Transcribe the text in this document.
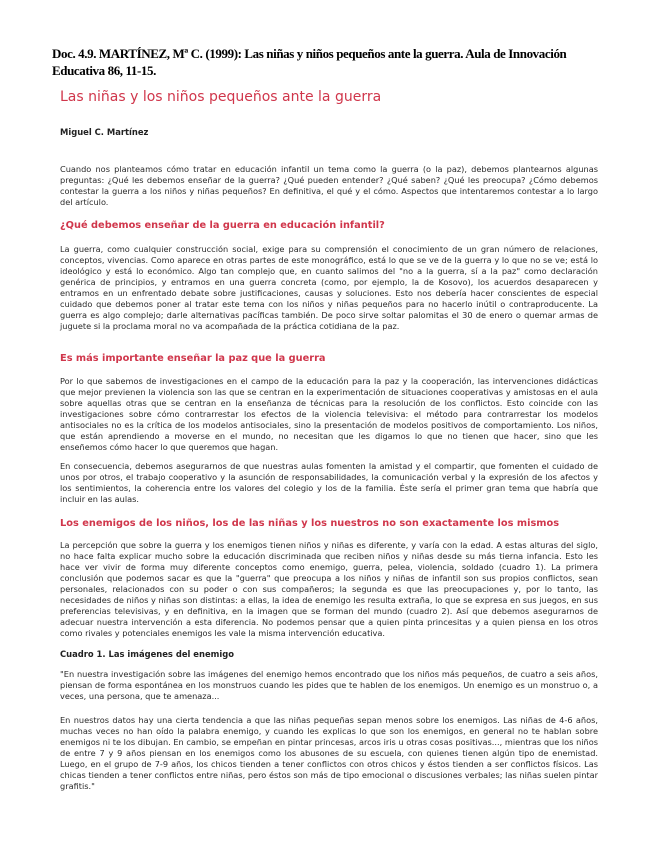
Doc. 4.9. MARTÍNEZ, Mª C. (1999): Las niñas y niños pequeños ante la guerra. Aula de Innovación Educativa 86, 11-15.

Las niñas y los niños pequeños ante la guerra

Miguel C. Martínez

Cuando nos planteamos cómo tratar en educación infantil un tema como la guerra (o la paz), debemos plantearnos algunas preguntas: ¿Qué les debemos enseñar de la guerra? ¿Qué pueden entender? ¿Qué saben? ¿Qué les preocupa? ¿Cómo debemos contestar la guerra a los niños y niñas pequeños? En definitiva, el qué y el cómo. Aspectos que intentaremos contestar a lo largo del artículo.

¿Qué debemos enseñar de la guerra en educación infantil?

La guerra, como cualquier construcción social, exige para su comprensión el conocimiento de un gran número de relaciones, conceptos, vivencias. Como aparece en otras partes de este monográfico, está lo que se ve de la guerra y lo que no se ve; está lo ideológico y está lo económico. Algo tan complejo que, en cuanto salimos del "no a la guerra, sí a la paz" como declaración genérica de principios, y entramos en una guerra concreta (como, por ejemplo, la de Kosovo), los acuerdos desaparecen y entramos en un enfrentado debate sobre justificaciones, causas y soluciones. Esto nos debería hacer conscientes de especial cuidado que debemos poner al tratar este tema con los niños y niñas pequeños para no hacerlo inútil o contraproducente. La guerra es algo complejo; darle alternativas pacíficas también. De poco sirve soltar palomitas el 30 de enero o quemar armas de juguete si la proclama moral no va acompañada de la práctica cotidiana de la paz.

Es más importante enseñar la paz que la guerra

Por lo que sabemos de investigaciones en el campo de la educación para la paz y la cooperación, las intervenciones didácticas que mejor previenen la violencia son las que se centran en la experimentación de situaciones cooperativas y amistosas en el aula sobre aquellas otras que se centran en la enseñanza de técnicas para la resolución de los conflictos. Esto coincide con las investigaciones sobre cómo contrarrestar los efectos de la violencia televisiva: el método para contrarrestar los modelos antisociales no es la crítica de los modelos antisociales, sino la presentación de modelos positivos de comportamiento. Los niños, que están aprendiendo a moverse en el mundo, no necesitan que les digamos lo que no tienen que hacer, sino que les enseñemos cómo hacer lo que queremos que hagan.

En consecuencia, debemos asegurarnos de que nuestras aulas fomenten la amistad y el compartir, que fomenten el cuidado de unos por otros, el trabajo cooperativo y la asunción de responsabilidades, la comunicación verbal y la expresión de los afectos y los sentimientos, la coherencia entre los valores del colegio y los de la familia. Éste sería el primer gran tema que habría que incluir en las aulas.

Los enemigos de los niños, los de las niñas y los nuestros no son exactamente los mismos

La percepción que sobre la guerra y los enemigos tienen niños y niñas es diferente, y varía con la edad. A estas alturas del siglo, no hace falta explicar mucho sobre la educación discriminada que reciben niños y niñas desde su más tierna infancia. Esto les hace ver vivir de forma muy diferente conceptos como enemigo, guerra, pelea, violencia, soldado (cuadro 1). La primera conclusión que podemos sacar es que la "guerra" que preocupa a los niños y niñas de infantil son sus propios conflictos, sean personales, relacionados con su poder o con sus compañeros; la segunda es que las preocupaciones y, por lo tanto, las necesidades de niños y niñas son distintas: a ellas, la idea de enemigo les resulta extraña, lo que se expresa en sus juegos, en sus preferencias televisivas, y en definitiva, en la imagen que se forman del mundo (cuadro 2). Así que debemos asegurarnos de adecuar nuestra intervención a esta diferencia. No podemos pensar que a quien pinta princesitas y a quien piensa en los otros como rivales y potenciales enemigos les vale la misma intervención educativa.

Cuadro 1. Las imágenes del enemigo

"En nuestra investigación sobre las imágenes del enemigo hemos encontrado que los niños más pequeños, de cuatro a seis años, piensan de forma espontánea en los monstruos cuando les pides que te hablen de los enemigos. Un enemigo es un monstruo o, a veces, una persona, que te amenaza...

En nuestros datos hay una cierta tendencia a que las niñas pequeñas sepan menos sobre los enemigos. Las niñas de 4-6 años, muchas veces no han oído la palabra enemigo, y cuando les explicas lo que son los enemigos, en general no te hablan sobre enemigos ni te los dibujan. En cambio, se empeñan en pintar princesas, arcos iris u otras cosas positivas..., mientras que los niños de entre 7 y 9 años piensan en los enemigos como los abusones de su escuela, con quienes tienen algún tipo de enemistad. Luego, en el grupo de 7-9 años, los chicos tienden a tener conflictos con otros chicos y éstos tienden a ser conflictos físicos. Las chicas tienden a tener conflictos entre niñas, pero éstos son más de tipo emocional o discusiones verbales; las niñas suelen pintar grafitis."
